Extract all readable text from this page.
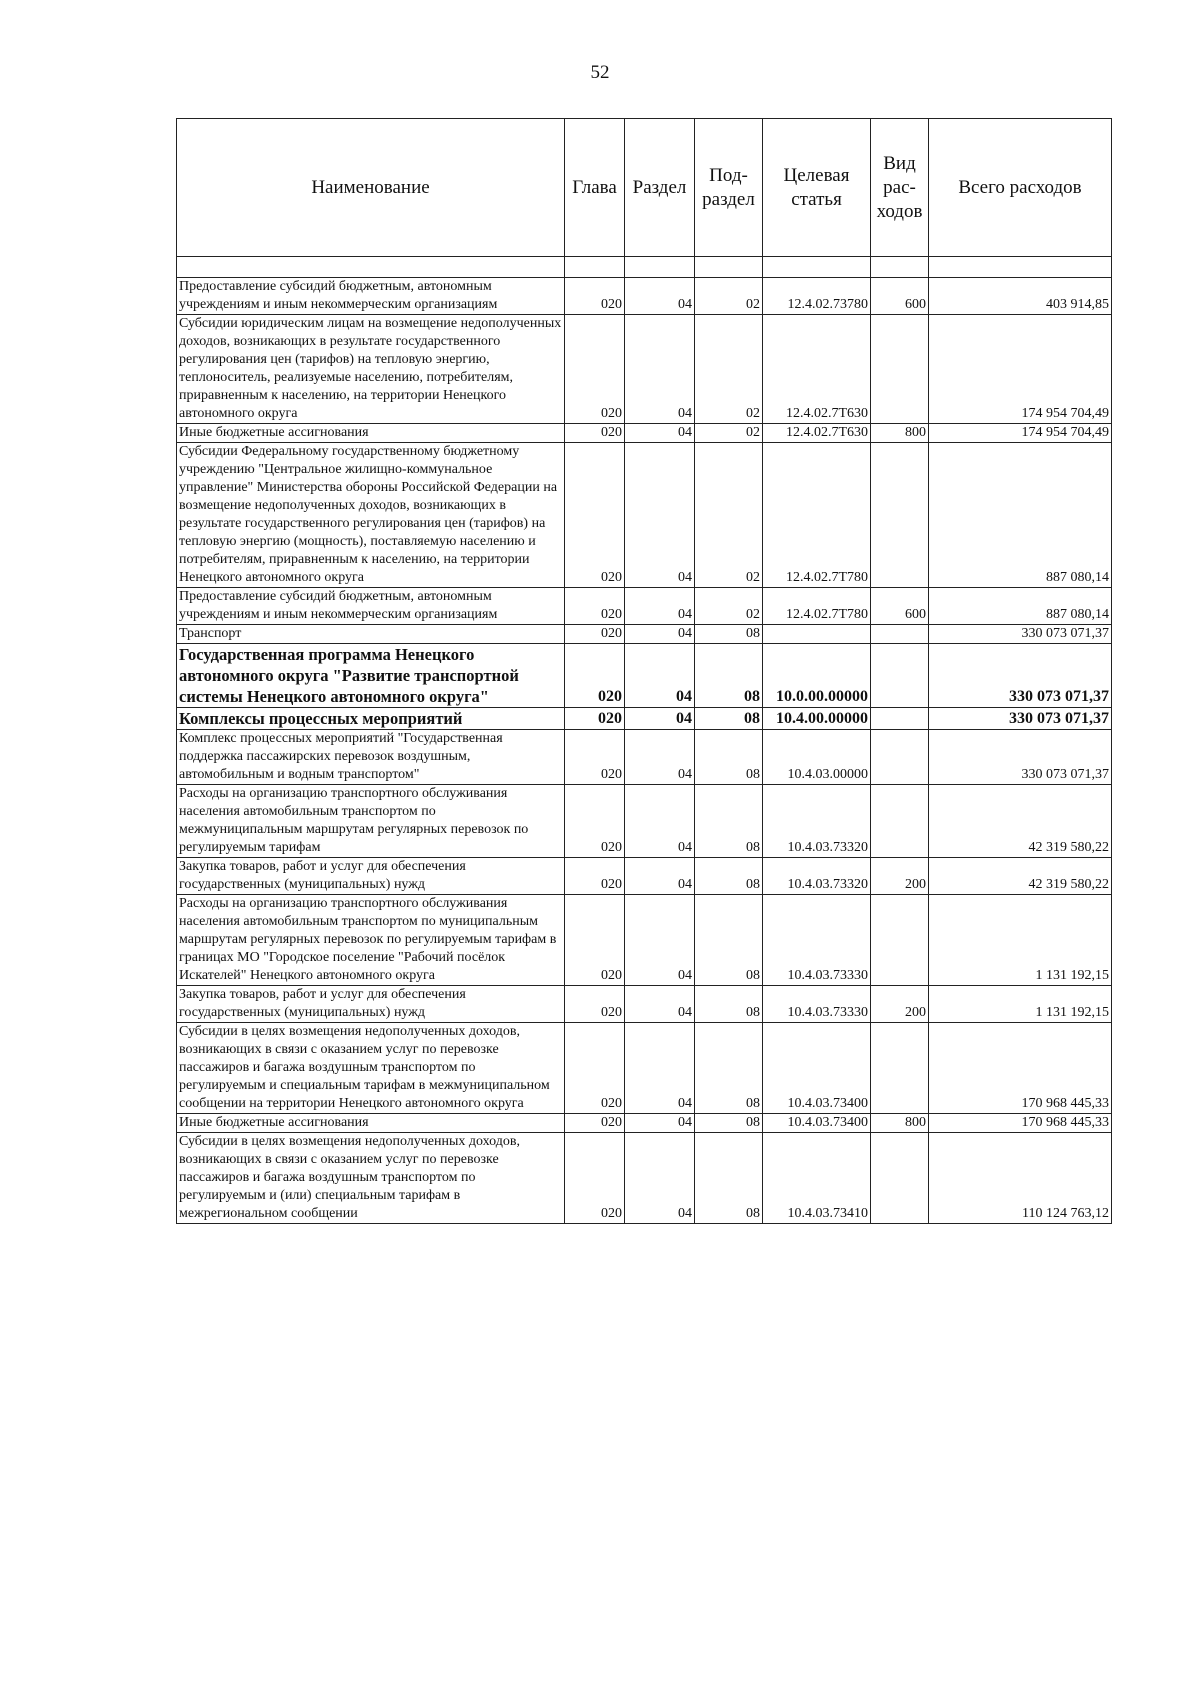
52
Наименование	Глава	Раздел	Под- раздел	Целевая статья	Вид рас- ходов	Всего расходов

Предоставление субсидий бюджетным, автономным учреждениям и иным некоммерческим организациям	020	04	02	12.4.02.73780	600	403 914,85
Субсидии юридическим лицам на возмещение недополученных доходов, возникающих в результате государственного регулирования цен (тарифов) на тепловую энергию, теплоноситель, реализуемые населению, потребителям, приравненным к населению, на территории Ненецкого автономного округа	020	04	02	12.4.02.7Т630		174 954 704,49
Иные бюджетные ассигнования	020	04	02	12.4.02.7Т630	800	174 954 704,49
Субсидии Федеральному государственному бюджетному учреждению "Центральное жилищно-коммунальное управление" Министерства обороны Российской Федерации на возмещение недополученных доходов, возникающих в результате государственного регулирования цен (тарифов) на тепловую энергию (мощность), поставляемую населению и потребителям, приравненным к населению, на территории Ненецкого автономного округа	020	04	02	12.4.02.7Т780		887 080,14
Предоставление субсидий бюджетным, автономным учреждениям и иным некоммерческим организациям	020	04	02	12.4.02.7Т780	600	887 080,14
Транспорт	020	04	08			330 073 071,37
Государственная программа Ненецкого автономного округа "Развитие транспортной системы Ненецкого автономного округа"	020	04	08	10.0.00.00000		330 073 071,37
Комплексы процессных мероприятий	020	04	08	10.4.00.00000		330 073 071,37
Комплекс процессных мероприятий "Государственная поддержка пассажирских перевозок воздушным, автомобильным и водным транспортом"	020	04	08	10.4.03.00000		330 073 071,37
Расходы на организацию транспортного обслуживания населения автомобильным транспортом по межмуниципальным маршрутам регулярных перевозок по регулируемым тарифам	020	04	08	10.4.03.73320		42 319 580,22
Закупка товаров, работ и услуг для обеспечения государственных (муниципальных) нужд	020	04	08	10.4.03.73320	200	42 319 580,22
Расходы на организацию транспортного обслуживания населения автомобильным транспортом по муниципальным маршрутам регулярных перевозок по регулируемым тарифам в границах МО "Городское поселение "Рабочий посёлок Искателей" Ненецкого автономного округа	020	04	08	10.4.03.73330		1 131 192,15
Закупка товаров, работ и услуг для обеспечения государственных (муниципальных) нужд	020	04	08	10.4.03.73330	200	1 131 192,15
Субсидии в целях возмещения недополученных доходов, возникающих в связи с оказанием услуг по перевозке пассажиров и багажа воздушным транспортом по регулируемым и специальным тарифам в межмуниципальном сообщении на территории Ненецкого автономного округа	020	04	08	10.4.03.73400		170 968 445,33
Иные бюджетные ассигнования	020	04	08	10.4.03.73400	800	170 968 445,33
Субсидии в целях возмещения недополученных доходов, возникающих в связи с оказанием услуг по перевозке пассажиров и багажа воздушным транспортом по регулируемым и (или) специальным тарифам в межрегиональном сообщении	020	04	08	10.4.03.73410		110 124 763,12
